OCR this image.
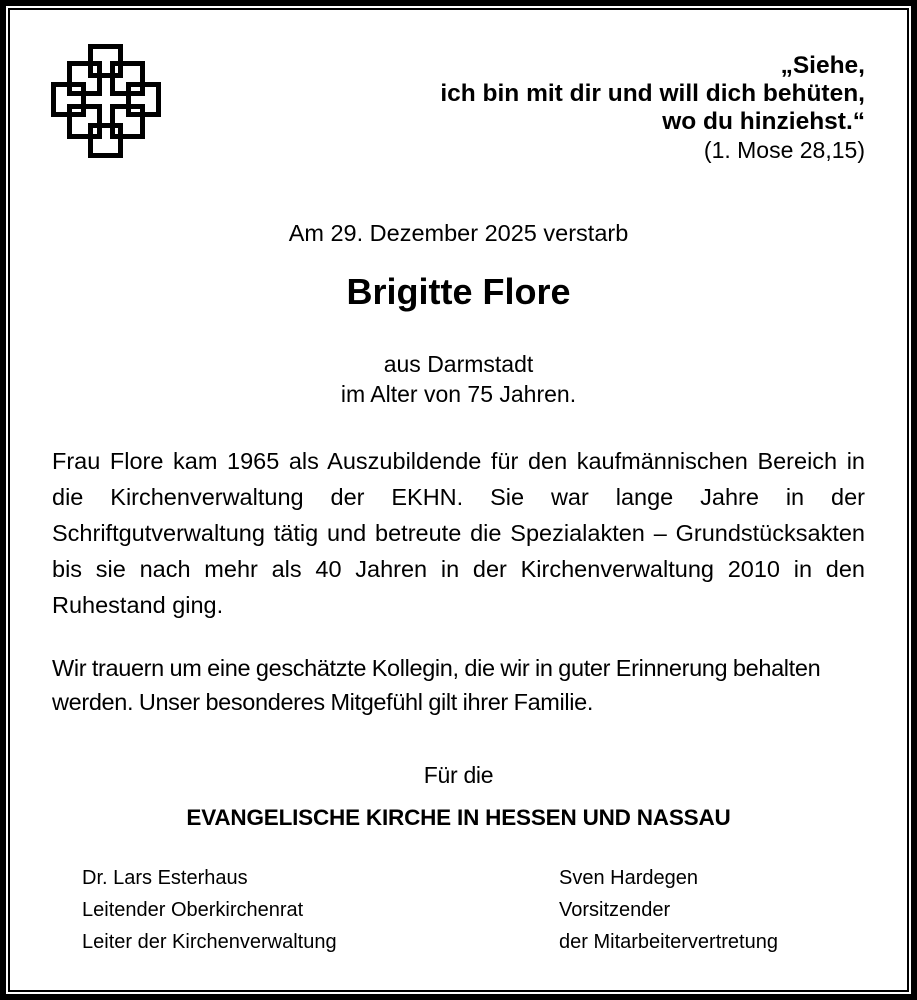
„Siehe,
ich bin mit dir und will dich behüten,
wo du hinziehst.“
(1. Mose 28,15)
Am 29. Dezember 2025 verstarb
Brigitte Flore
aus Darmstadt
im Alter von 75 Jahren.
Frau Flore kam 1965 als Auszubildende für den kaufmännischen Bereich in die Kirchenverwaltung der EKHN. Sie war lange Jahre in der Schriftgutverwaltung tätig und betreute die Spezialakten – Grundstücksakten bis sie nach mehr als 40 Jahren in der Kirchenverwaltung 2010 in den Ruhestand ging.
Wir trauern um eine geschätzte Kollegin, die wir in guter Erinnerung behalten werden. Unser besonderes Mitgefühl gilt ihrer Familie.
Für die
EVANGELISCHE KIRCHE IN HESSEN UND NASSAU
Dr. Lars Esterhaus
Leitender Oberkirchenrat
Leiter der Kirchenverwaltung
Sven Hardegen
Vorsitzender
der Mitarbeitervertretung
